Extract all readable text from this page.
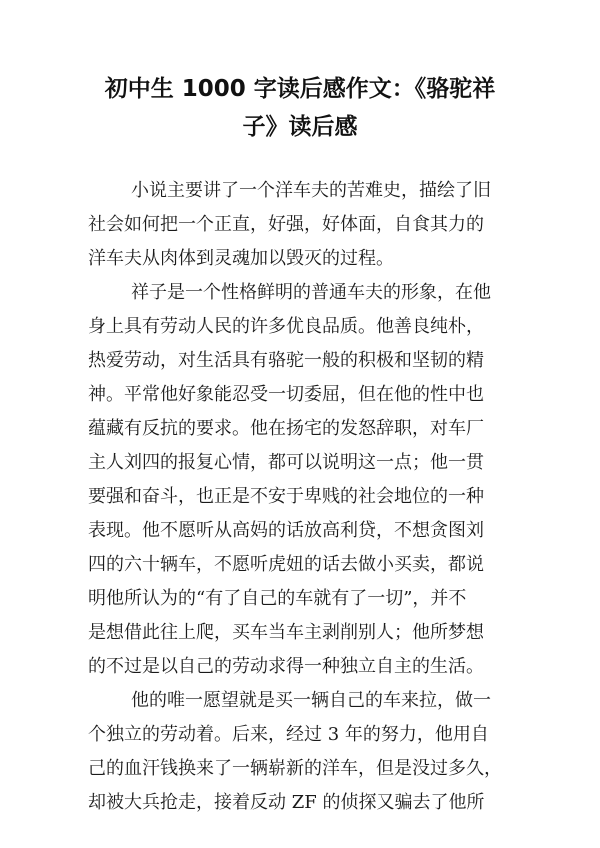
初中生 1000 字读后感作文：《骆驼祥子》读后感
小说主要讲了一个洋车夫的苦难史，描绘了旧
社会如何把一个正直，好强，好体面，自食其力的
洋车夫从肉体到灵魂加以毁灭的过程。
祥子是一个性格鲜明的普通车夫的形象，在他
身上具有劳动人民的许多优良品质。他善良纯朴，
热爱劳动，对生活具有骆驼一般的积极和坚韧的精
神。平常他好象能忍受一切委屈，但在他的性中也
蕴藏有反抗的要求。他在扬宅的发怒辞职，对车厂
主人刘四的报复心情，都可以说明这一点；他一贯
要强和奋斗，也正是不安于卑贱的社会地位的一种
表现。他不愿听从高妈的话放高利贷，不想贪图刘
四的六十辆车，不愿听虎妞的话去做小买卖，都说
明他所认为的“有了自己的车就有了一切”，并不
是想借此往上爬，买车当车主剥削别人；他所梦想
的不过是以自己的劳动求得一种独立自主的生活。
他的唯一愿望就是买一辆自己的车来拉，做一
个独立的劳动着。后来，经过 3 年的努力，他用自
己的血汗钱换来了一辆崭新的洋车，但是没过多久，
却被大兵抢走，接着反动 ZF 的侦探又骗去了他所
